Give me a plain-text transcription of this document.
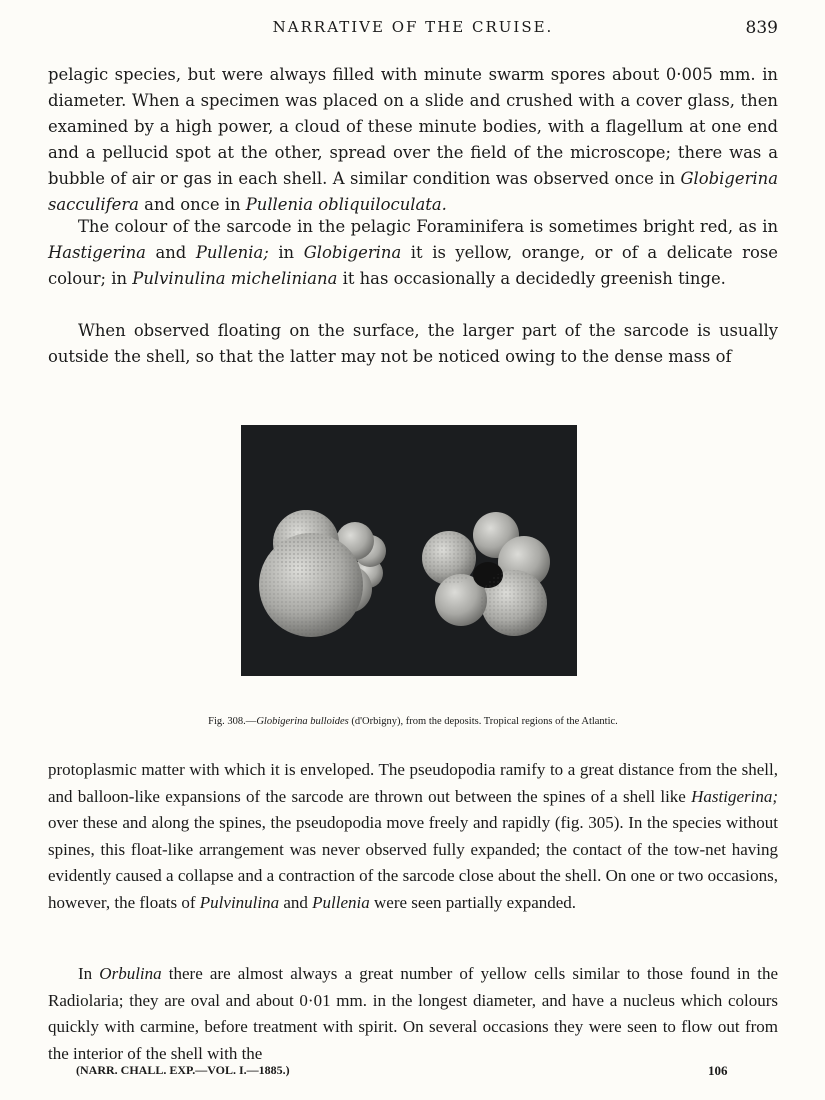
NARRATIVE OF THE CRUISE.	839

pelagic species, but were always filled with minute swarm spores about 0·005 mm. in diameter. When a specimen was placed on a slide and crushed with a cover glass, then examined by a high power, a cloud of these minute bodies, with a flagellum at one end and a pellucid spot at the other, spread over the field of the microscope; there was a bubble of air or gas in each shell. A similar condition was observed once in Globigerina sacculifera and once in Pullenia obliquiloculata.

The colour of the sarcode in the pelagic Foraminifera is sometimes bright red, as in Hastigerina and Pullenia; in Globigerina it is yellow, orange, or of a delicate rose colour; in Pulvinulina micheliniana it has occasionally a decidedly greenish tinge.

When observed floating on the surface, the larger part of the sarcode is usually outside the shell, so that the latter may not be noticed owing to the dense mass of

Fig. 308.—Globigerina bulloides (d'Orbigny), from the deposits. Tropical regions of the Atlantic.

protoplasmic matter with which it is enveloped. The pseudopodia ramify to a great distance from the shell, and balloon-like expansions of the sarcode are thrown out between the spines of a shell like Hastigerina; over these and along the spines, the pseudopodia move freely and rapidly (fig. 305). In the species without spines, this float-like arrangement was never observed fully expanded; the contact of the tow-net having evidently caused a collapse and a contraction of the sarcode close about the shell. On one or two occasions, however, the floats of Pulvinulina and Pullenia were seen partially expanded.

In Orbulina there are almost always a great number of yellow cells similar to those found in the Radiolaria; they are oval and about 0·01 mm. in the longest diameter, and have a nucleus which colours quickly with carmine, before treatment with spirit. On several occasions they were seen to flow out from the interior of the shell with the

(NARR. CHALL. EXP.—VOL. I.—1885.)	106
